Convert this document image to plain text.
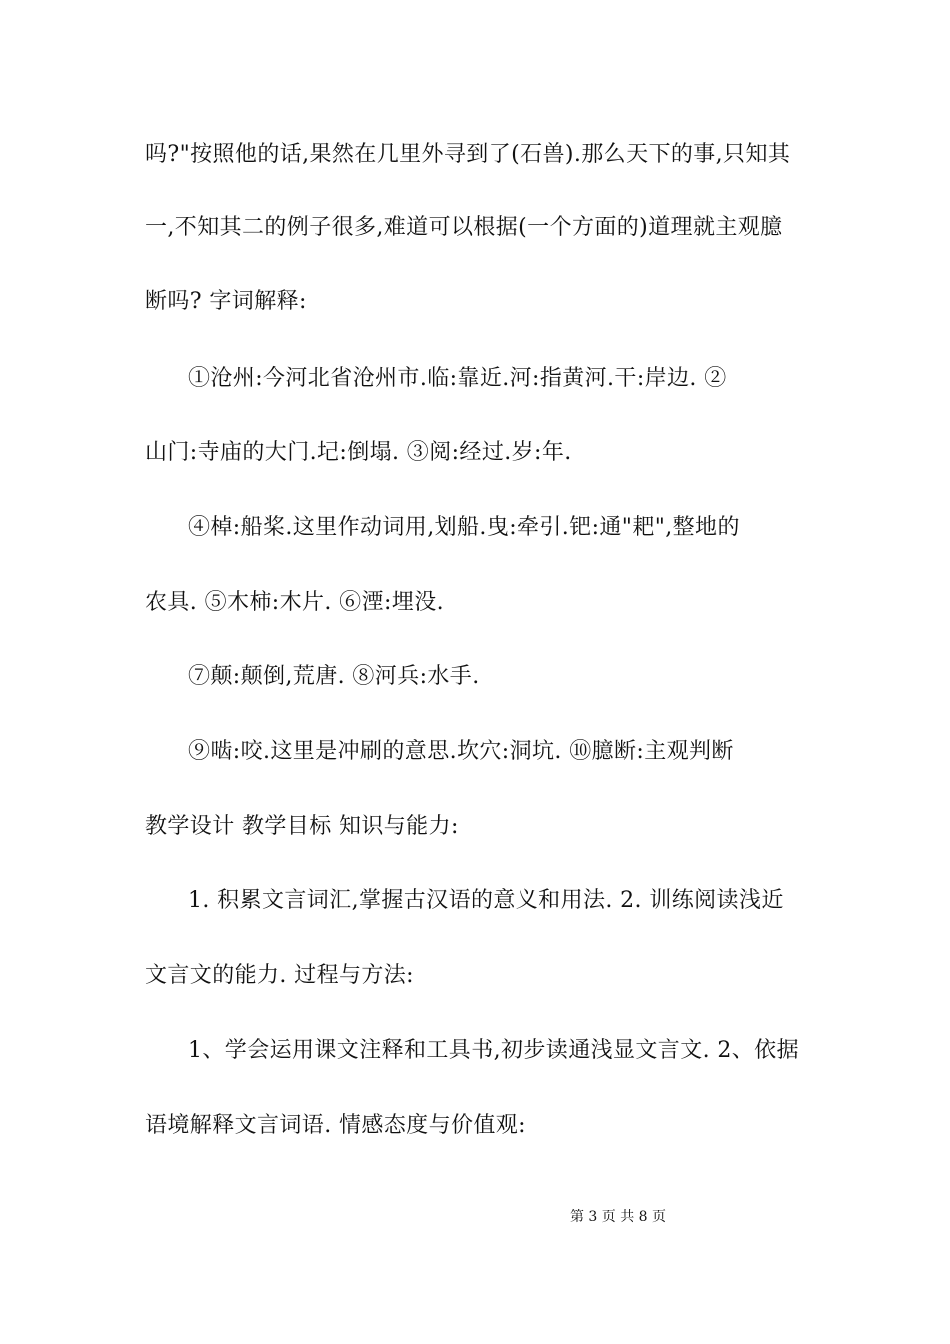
吗?"按照他的话,果然在几里外寻到了(石兽).那么天下的事,只知其
一,不知其二的例子很多,难道可以根据(一个方面的)道理就主观臆
断吗? 字词解释:
①沧州:今河北省沧州市.临:靠近.河:指黄河.干:岸边. ②
山门:寺庙的大门.圮:倒塌. ③阅:经过.岁:年.
④棹:船桨.这里作动词用,划船.曳:牵引.钯:通"耙",整地的
农具. ⑤木柿:木片. ⑥湮:埋没.
⑦颠:颠倒,荒唐. ⑧河兵:水手.
⑨啮:咬.这里是冲刷的意思.坎穴:洞坑. ⑩臆断:主观判断
教学设计 教学目标 知识与能力:
1. 积累文言词汇,掌握古汉语的意义和用法. 2. 训练阅读浅近
文言文的能力. 过程与方法:
1、学会运用课文注释和工具书,初步读通浅显文言文. 2、依据
语境解释文言词语. 情感态度与价值观:
第 3 页 共 8 页
